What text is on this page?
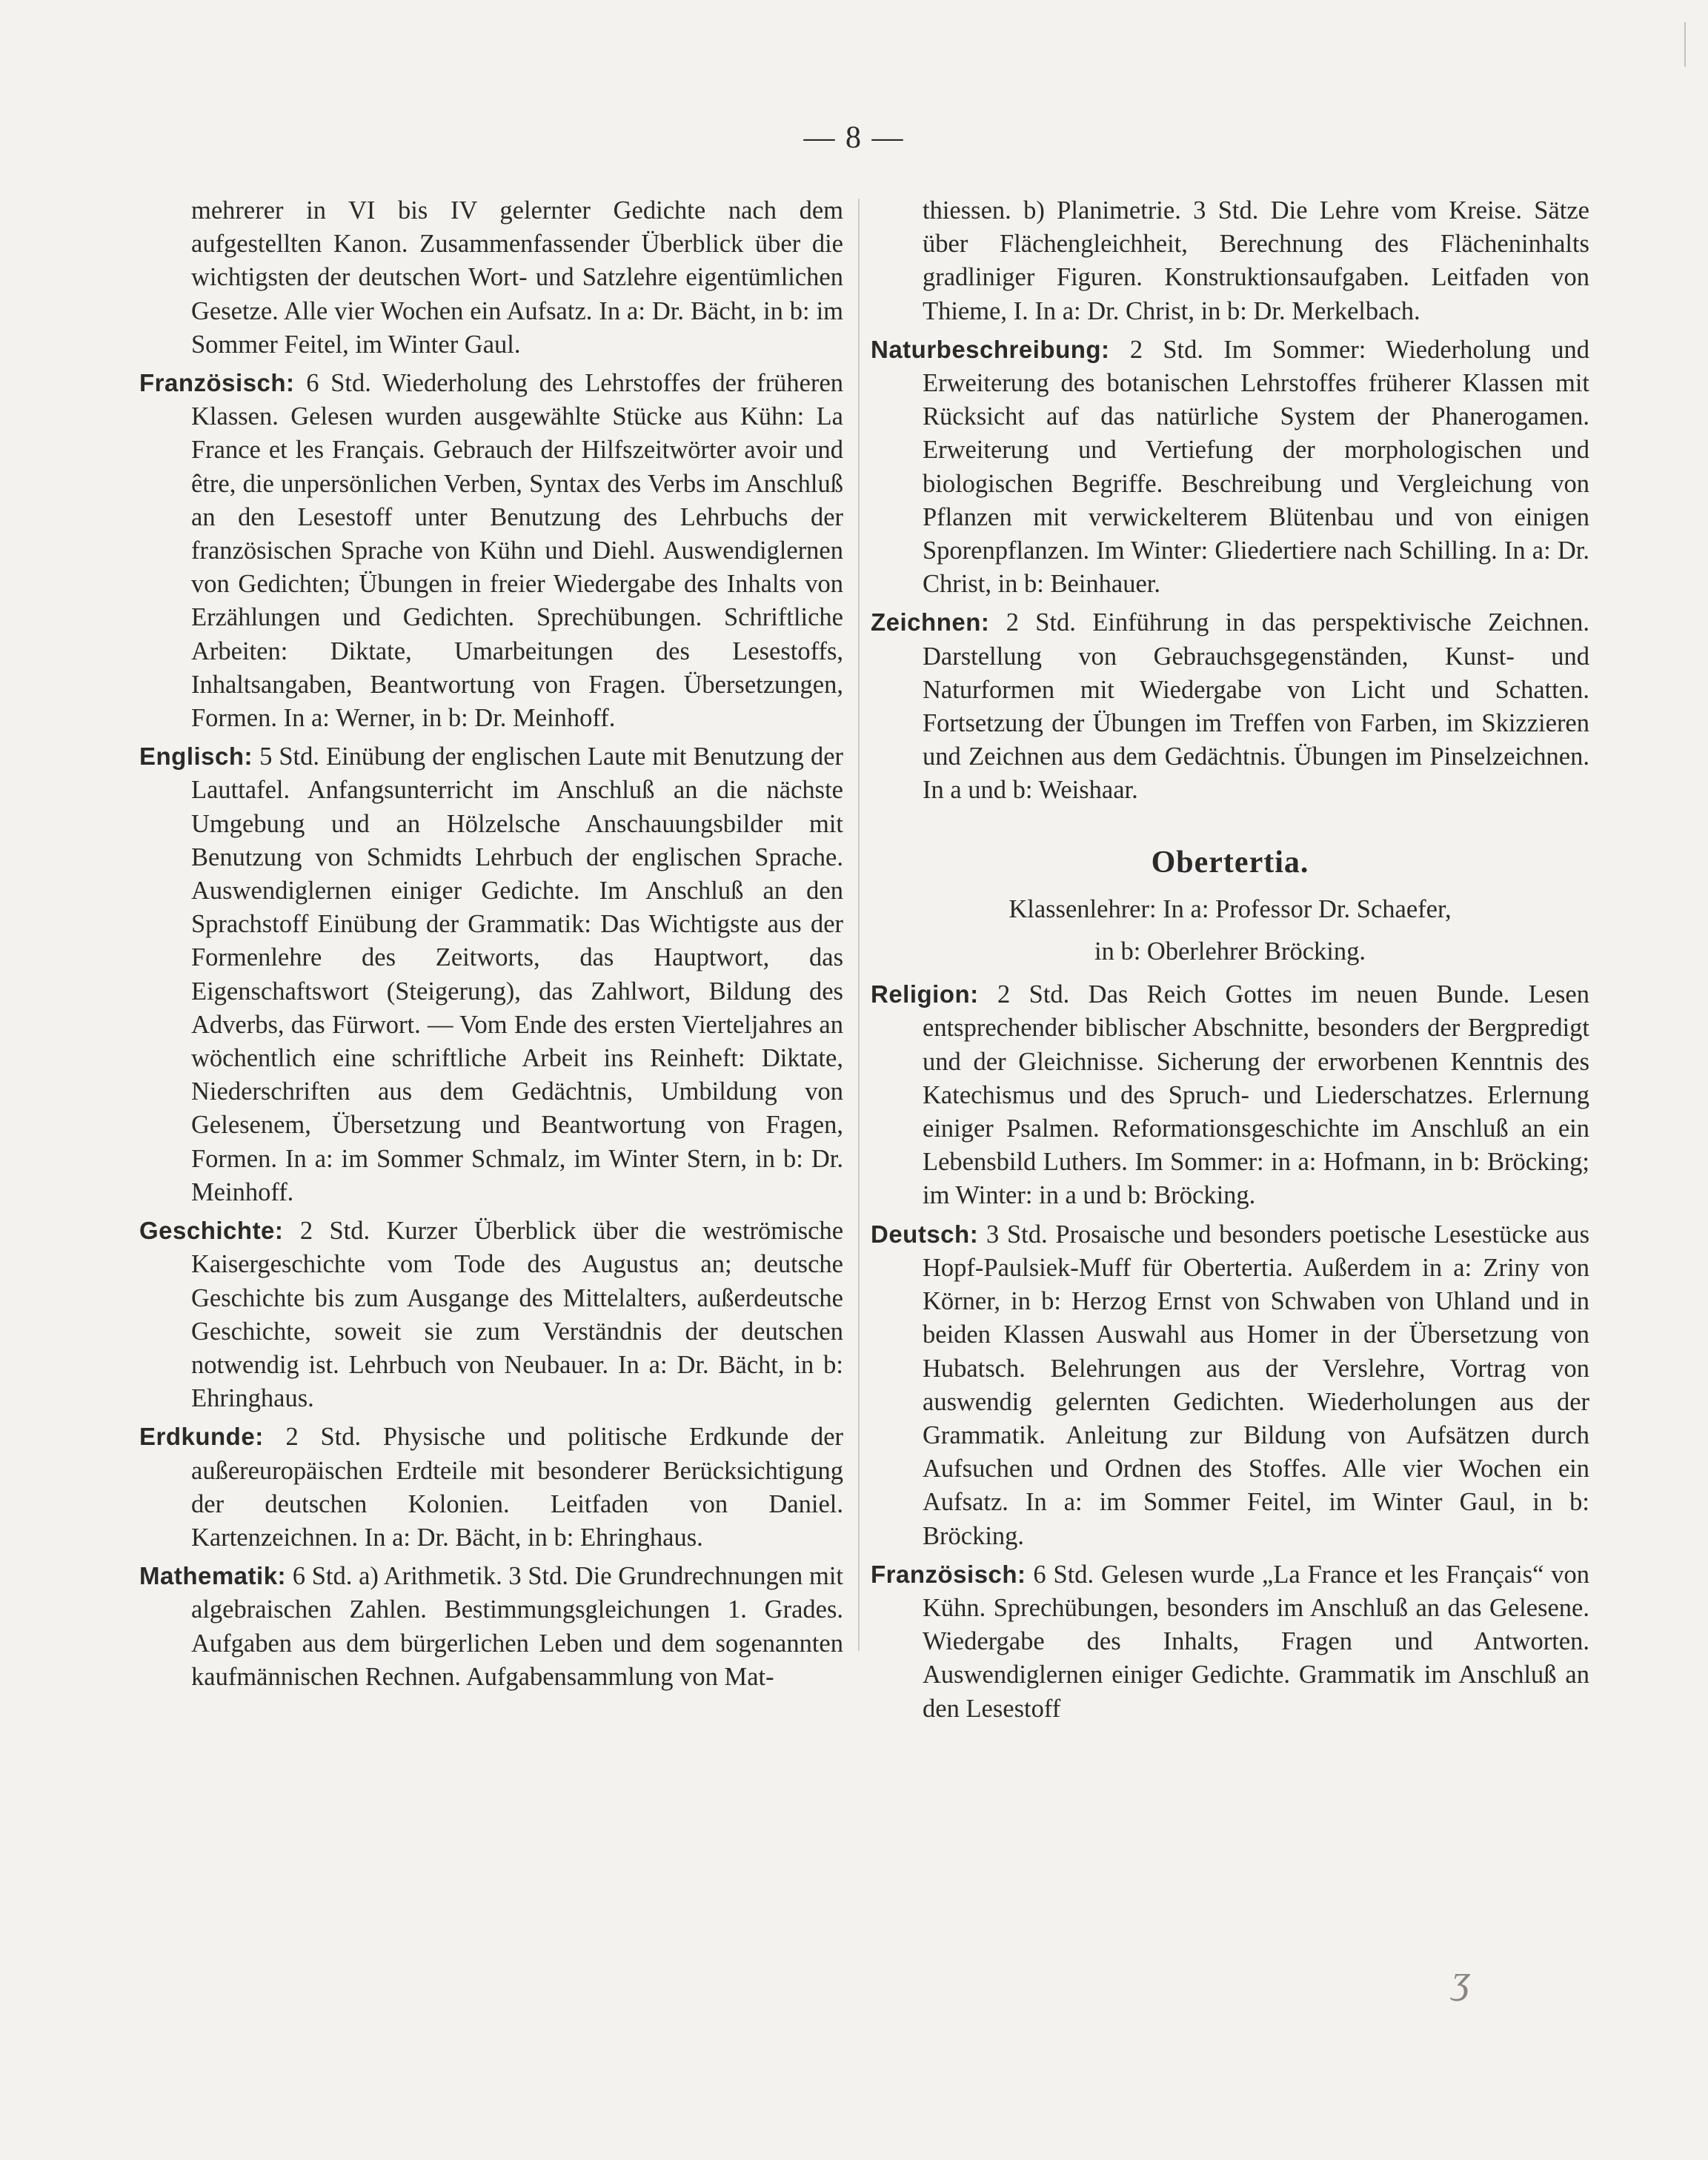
— 8 —

mehrerer in VI bis IV gelernter Gedichte nach dem aufgestellten Kanon. Zusammenfassender Überblick über die wichtigsten der deutschen Wort- und Satzlehre eigentümlichen Gesetze. Alle vier Wochen ein Aufsatz. In a: Dr. Bächt, in b: im Sommer Feitel, im Winter Gaul.

Französisch: 6 Std. Wiederholung des Lehrstoffes der früheren Klassen. Gelesen wurden ausgewählte Stücke aus Kühn: La France et les Français. Gebrauch der Hilfszeitwörter avoir und être, die unpersönlichen Verben, Syntax des Verbs im Anschluß an den Lesestoff unter Benutzung des Lehrbuchs der französischen Sprache von Kühn und Diehl. Auswendiglernen von Gedichten; Übungen in freier Wiedergabe des Inhalts von Erzählungen und Gedichten. Sprechübungen. Schriftliche Arbeiten: Diktate, Umarbeitungen des Lesestoffs, Inhaltsangaben, Beantwortung von Fragen. Übersetzungen, Formen. In a: Werner, in b: Dr. Meinhoff.

Englisch: 5 Std. Einübung der englischen Laute mit Benutzung der Lauttafel. Anfangsunterricht im Anschluß an die nächste Umgebung und an Hölzelsche Anschauungsbilder mit Benutzung von Schmidts Lehrbuch der englischen Sprache. Auswendiglernen einiger Gedichte. Im Anschluß an den Sprachstoff Einübung der Grammatik: Das Wichtigste aus der Formenlehre des Zeitworts, das Hauptwort, das Eigenschaftswort (Steigerung), das Zahlwort, Bildung des Adverbs, das Fürwort. — Vom Ende des ersten Vierteljahres an wöchentlich eine schriftliche Arbeit ins Reinheft: Diktate, Niederschriften aus dem Gedächtnis, Umbildung von Gelesenem, Übersetzung und Beantwortung von Fragen, Formen. In a: im Sommer Schmalz, im Winter Stern, in b: Dr. Meinhoff.

Geschichte: 2 Std. Kurzer Überblick über die weströmische Kaisergeschichte vom Tode des Augustus an; deutsche Geschichte bis zum Ausgange des Mittelalters, außerdeutsche Geschichte, soweit sie zum Verständnis der deutschen notwendig ist. Lehrbuch von Neubauer. In a: Dr. Bächt, in b: Ehringhaus.

Erdkunde: 2 Std. Physische und politische Erdkunde der außereuropäischen Erdteile mit besonderer Berücksichtigung der deutschen Kolonien. Leitfaden von Daniel. Kartenzeichnen. In a: Dr. Bächt, in b: Ehringhaus.

Mathematik: 6 Std. a) Arithmetik. 3 Std. Die Grundrechnungen mit algebraischen Zahlen. Bestimmungsgleichungen 1. Grades. Aufgaben aus dem bürgerlichen Leben und dem sogenannten kaufmännischen Rechnen. Aufgabensammlung von Mat-

thiessen. b) Planimetrie. 3 Std. Die Lehre vom Kreise. Sätze über Flächengleichheit, Berechnung des Flächeninhalts gradliniger Figuren. Konstruktionsaufgaben. Leitfaden von Thieme, I. In a: Dr. Christ, in b: Dr. Merkelbach.

Naturbeschreibung: 2 Std. Im Sommer: Wiederholung und Erweiterung des botanischen Lehrstoffes früherer Klassen mit Rücksicht auf das natürliche System der Phanerogamen. Erweiterung und Vertiefung der morphologischen und biologischen Begriffe. Beschreibung und Vergleichung von Pflanzen mit verwickelterem Blütenbau und von einigen Sporenpflanzen. Im Winter: Gliedertiere nach Schilling. In a: Dr. Christ, in b: Beinhauer.

Zeichnen: 2 Std. Einführung in das perspektivische Zeichnen. Darstellung von Gebrauchsgegenständen, Kunst- und Naturformen mit Wiedergabe von Licht und Schatten. Fortsetzung der Übungen im Treffen von Farben, im Skizzieren und Zeichnen aus dem Gedächtnis. Übungen im Pinselzeichnen. In a und b: Weishaar.

Obertertia.
Klassenlehrer: In a: Professor Dr. Schaefer,
in b: Oberlehrer Bröcking.

Religion: 2 Std. Das Reich Gottes im neuen Bunde. Lesen entsprechender biblischer Abschnitte, besonders der Bergpredigt und der Gleichnisse. Sicherung der erworbenen Kenntnis des Katechismus und des Spruch- und Liederschatzes. Erlernung einiger Psalmen. Reformationsgeschichte im Anschluß an ein Lebensbild Luthers. Im Sommer: in a: Hofmann, in b: Bröcking; im Winter: in a und b: Bröcking.

Deutsch: 3 Std. Prosaische und besonders poetische Lesestücke aus Hopf-Paulsiek-Muff für Obertertia. Außerdem in a: Zriny von Körner, in b: Herzog Ernst von Schwaben von Uhland und in beiden Klassen Auswahl aus Homer in der Übersetzung von Hubatsch. Belehrungen aus der Verslehre, Vortrag von auswendig gelernten Gedichten. Wiederholungen aus der Grammatik. Anleitung zur Bildung von Aufsätzen durch Aufsuchen und Ordnen des Stoffes. Alle vier Wochen ein Aufsatz. In a: im Sommer Feitel, im Winter Gaul, in b: Bröcking.

Französisch: 6 Std. Gelesen wurde „La France et les Français“ von Kühn. Sprechübungen, besonders im Anschluß an das Gelesene. Wiedergabe des Inhalts, Fragen und Antworten. Auswendiglernen einiger Gedichte. Grammatik im Anschluß an den Lesestoff

ʒ
